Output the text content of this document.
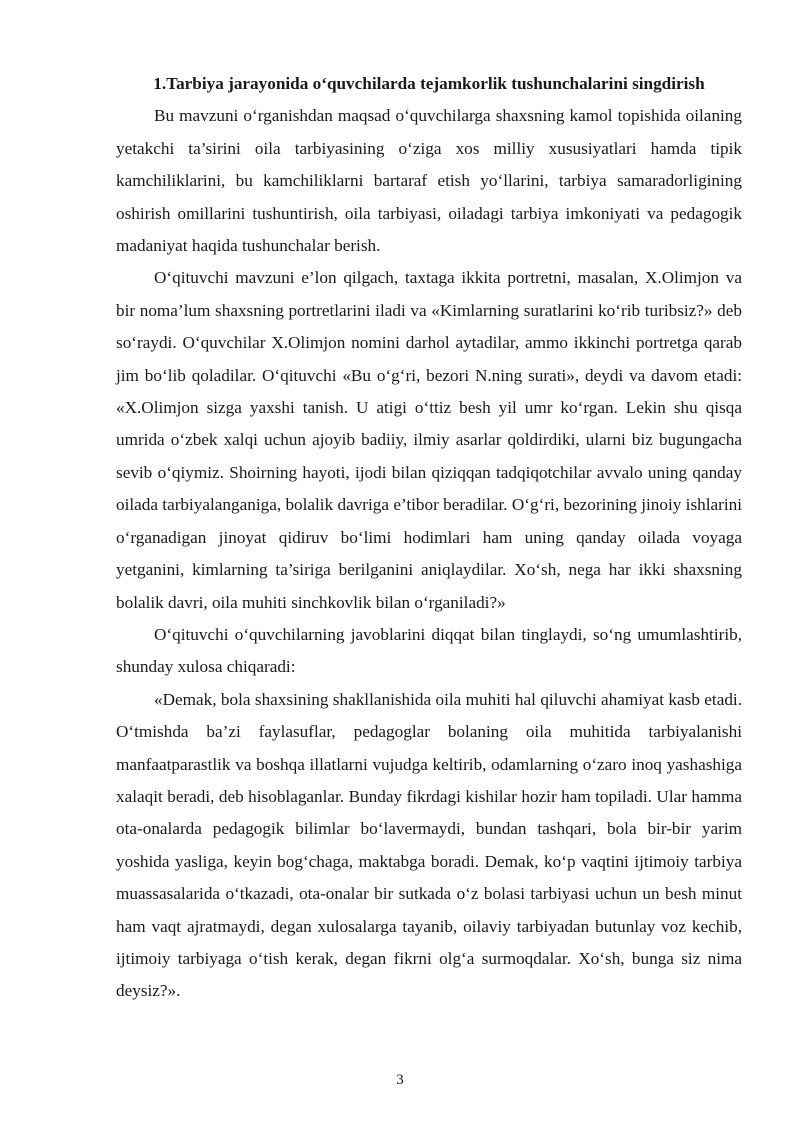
1.Tarbiya jarayonida o‘quvchilarda tejamkorlik tushunchalarini singdirish

Bu mavzuni o‘rganishdan maqsad o‘quvchilarga shaxsning kamol topishida oilaning yetakchi ta’sirini oila tarbiyasining o‘ziga xos milliy xususiyatlari hamda tipik kamchiliklarini, bu kamchiliklarni bartaraf etish yo‘llarini, tarbiya samaradorligining oshirish omillarini tushuntirish, oila tarbiyasi, oiladagi tarbiya imkoniyati va pedagogik madaniyat haqida tushunchalar berish.

O‘qituvchi mavzuni e’lon qilgach, taxtaga ikkita portretni, masalan, X.Olimjon va bir noma’lum shaxsning portretlarini iladi va «Kimlarning suratlarini ko‘rib turibsiz?» deb so‘raydi. O‘quvchilar X.Olimjon nomini darhol aytadilar, ammo ikkinchi portretga qarab jim bo‘lib qoladilar. O‘qituvchi «Bu o‘g‘ri, bezori N.ning surati», deydi va davom etadi: «X.Olimjon sizga yaxshi tanish. U atigi o‘ttiz besh yil umr ko‘rgan. Lekin shu qisqa umrida o‘zbek xalqi uchun ajoyib badiiy, ilmiy asarlar qoldirdiki, ularni biz bugungacha sevib o‘qiymiz. Shoirning hayoti, ijodi bilan qiziqqan tadqiqotchilar avvalo uning qanday oilada tarbiyalanganiga, bolalik davriga e’tibor beradilar. O‘g‘ri, bezorining jinoiy ishlarini o‘rganadigan jinoyat qidiruv bo‘limi hodimlari ham uning qanday oilada voyaga yetganini, kimlarning ta’siriga berilganini aniqlaydilar. Xo‘sh, nega har ikki shaxsning bolalik davri, oila muhiti sinchkovlik bilan o‘rganiladi?»

O‘qituvchi o‘quvchilarning javoblarini diqqat bilan tinglaydi, so‘ng umumlashtirib, shunday xulosa chiqaradi:

«Demak, bola shaxsining shakllanishida oila muhiti hal qiluvchi ahamiyat kasb etadi. O‘tmishda ba’zi faylasuflar, pedagoglar bolaning oila muhitida tarbiyalanishi manfaatparastlik va boshqa illatlarni vujudga keltirib, odamlarning o‘zaro inoq yashashiga xalaqit beradi, deb hisoblaganlar. Bunday fikrdagi kishilar hozir ham topiladi. Ular hamma ota-onalarda pedagogik bilimlar bo‘lavermaydi, bundan tashqari, bola bir-bir yarim yoshida yasliga, keyin bog‘chaga, maktabga boradi. Demak, ko‘p vaqtini ijtimoiy tarbiya muassasalarida o‘tkazadi, ota-onalar bir sutkada o‘z bolasi tarbiyasi uchun un besh minut ham vaqt ajratmaydi, degan xulosalarga tayanib, oilaviy tarbiyadan butunlay voz kechib, ijtimoiy tarbiyaga o‘tish kerak, degan fikrni olg‘a surmoqdalar. Xo‘sh, bunga siz nima deysiz?».

3
